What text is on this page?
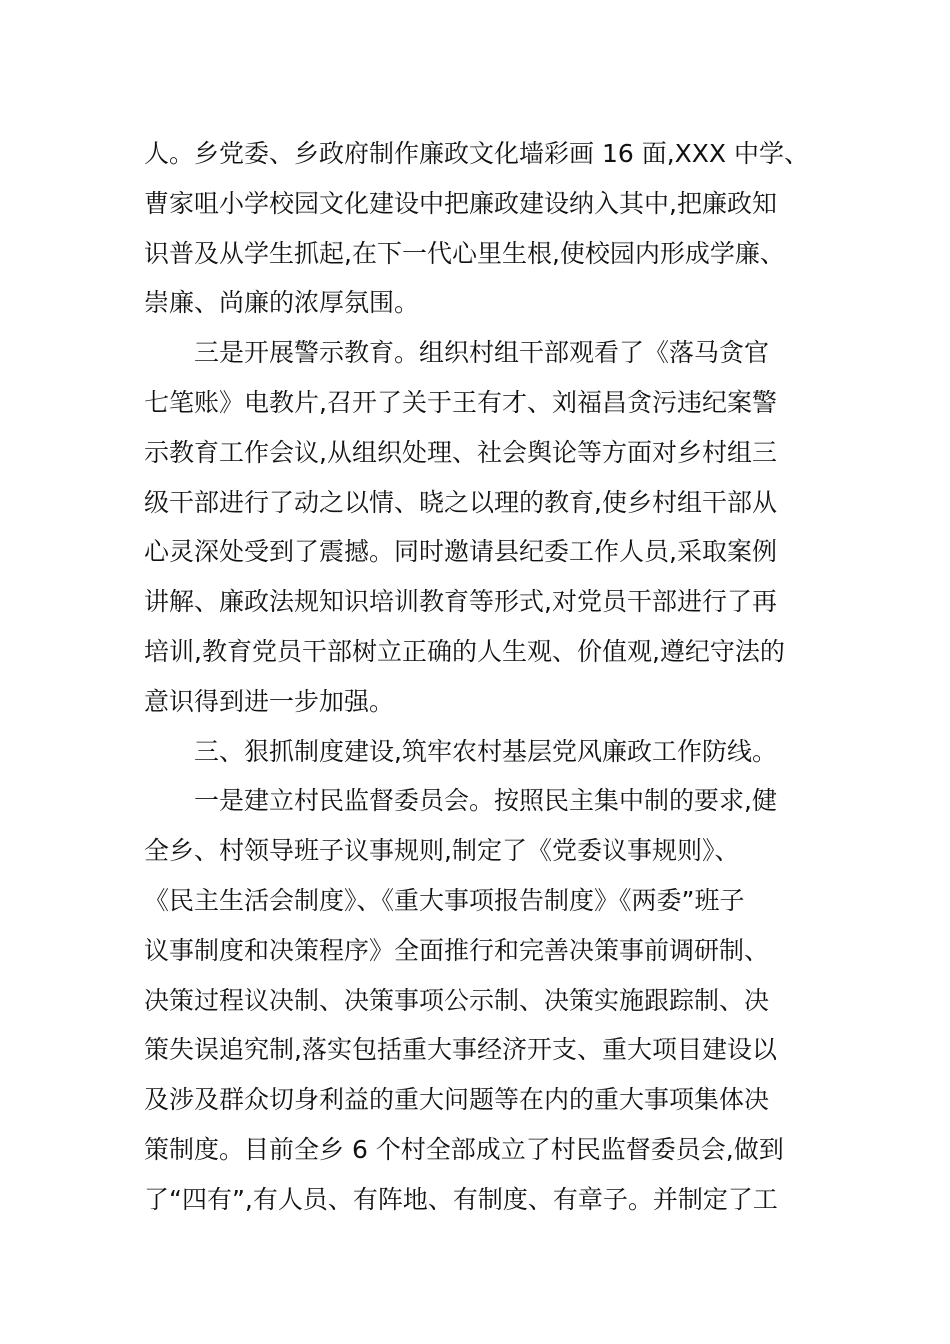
人。乡党委、乡政府制作廉政文化墙彩画 16 面,XXX 中学、
曹家咀小学校园文化建设中把廉政建设纳入其中,把廉政知
识普及从学生抓起,在下一代心里生根,使校园内形成学廉、
崇廉、尚廉的浓厚氛围。
三是开展警示教育。组织村组干部观看了《落马贪官
七笔账》电教片,召开了关于王有才、刘福昌贪污违纪案警
示教育工作会议,从组织处理、社会舆论等方面对乡村组三
级干部进行了动之以情、晓之以理的教育,使乡村组干部从
心灵深处受到了震撼。同时邀请县纪委工作人员,采取案例
讲解、廉政法规知识培训教育等形式,对党员干部进行了再
培训,教育党员干部树立正确的人生观、价值观,遵纪守法的
意识得到进一步加强。
三、狠抓制度建设,筑牢农村基层党风廉政工作防线。
一是建立村民监督委员会。按照民主集中制的要求,健
全乡、村领导班子议事规则,制定了《党委议事规则》、
《民主生活会制度》、《重大事项报告制度》《两委”班子
议事制度和决策程序》全面推行和完善决策事前调研制、
决策过程议决制、决策事项公示制、决策实施跟踪制、决
策失误追究制,落实包括重大事经济开支、重大项目建设以
及涉及群众切身利益的重大问题等在内的重大事项集体决
策制度。目前全乡 6 个村全部成立了村民监督委员会,做到
了“四有”,有人员、有阵地、有制度、有章子。并制定了工
